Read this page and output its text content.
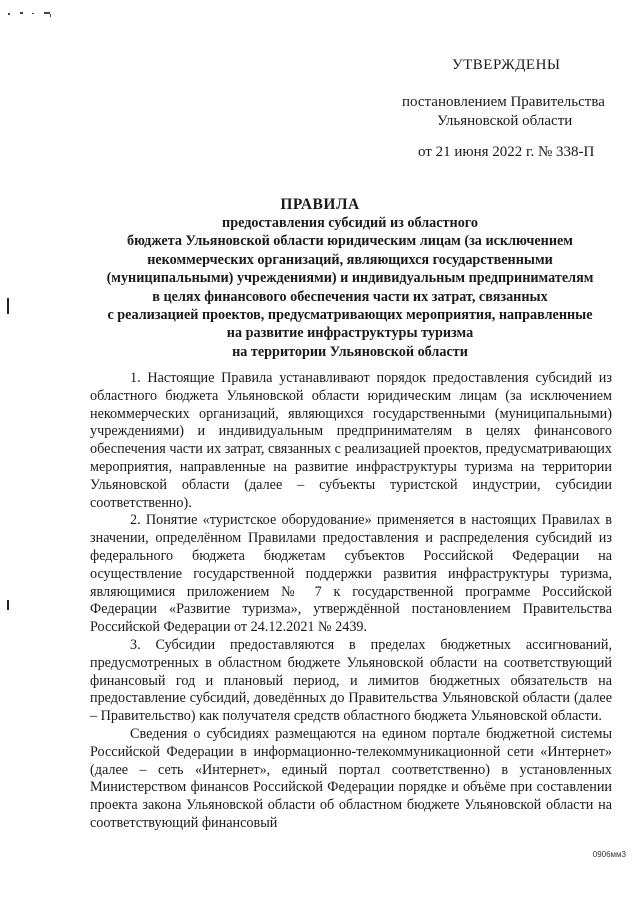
УТВЕРЖДЕНЫ
постановлением Правительства
Ульяновской области
от 21 июня 2022 г. № 338-П
ПРАВИЛА
предоставления субсидий из областного
бюджета Ульяновской области юридическим лицам (за исключением
некоммерческих организаций, являющихся государственными
(муниципальными) учреждениями) и индивидуальным предпринимателям
в целях финансового обеспечения части их затрат, связанных
с реализацией проектов, предусматривающих мероприятия, направленные
на развитие инфраструктуры туризма
на территории Ульяновской области

1. Настоящие Правила устанавливают порядок предоставления субсидий из областного бюджета Ульяновской области юридическим лицам (за исключением некоммерческих организаций, являющихся государственными (муниципальными) учреждениями) и индивидуальным предпринимателям в целях финансового обеспечения части их затрат, связанных с реализацией проектов, предусматривающих мероприятия, направленные на развитие инфраструктуры туризма на территории Ульяновской области (далее – субъекты туристской индустрии, субсидии соответственно).

2. Понятие «туристское оборудование» применяется в настоящих Правилах в значении, определённом Правилами предоставления и распределения субсидий из федерального бюджета бюджетам субъектов Российской Федерации на осуществление государственной поддержки развития инфраструктуры туризма, являющимися приложением № 7 к государственной программе Российской Федерации «Развитие туризма», утверждённой постановлением Правительства Российской Федерации от 24.12.2021 № 2439.

3. Субсидии предоставляются в пределах бюджетных ассигнований, предусмотренных в областном бюджете Ульяновской области на соответствующий финансовый год и плановый период, и лимитов бюджетных обязательств на предоставление субсидий, доведённых до Правительства Ульяновской области (далее – Правительство) как получателя средств областного бюджета Ульяновской области.

Сведения о субсидиях размещаются на едином портале бюджетной системы Российской Федерации в информационно-телекоммуникационной сети «Интернет» (далее – сеть «Интернет», единый портал соответственно) в установленных Министерством финансов Российской Федерации порядке и объёме при составлении проекта закона Ульяновской области об областном бюджете Ульяновской области на соответствующий финансовый

0906мм3
